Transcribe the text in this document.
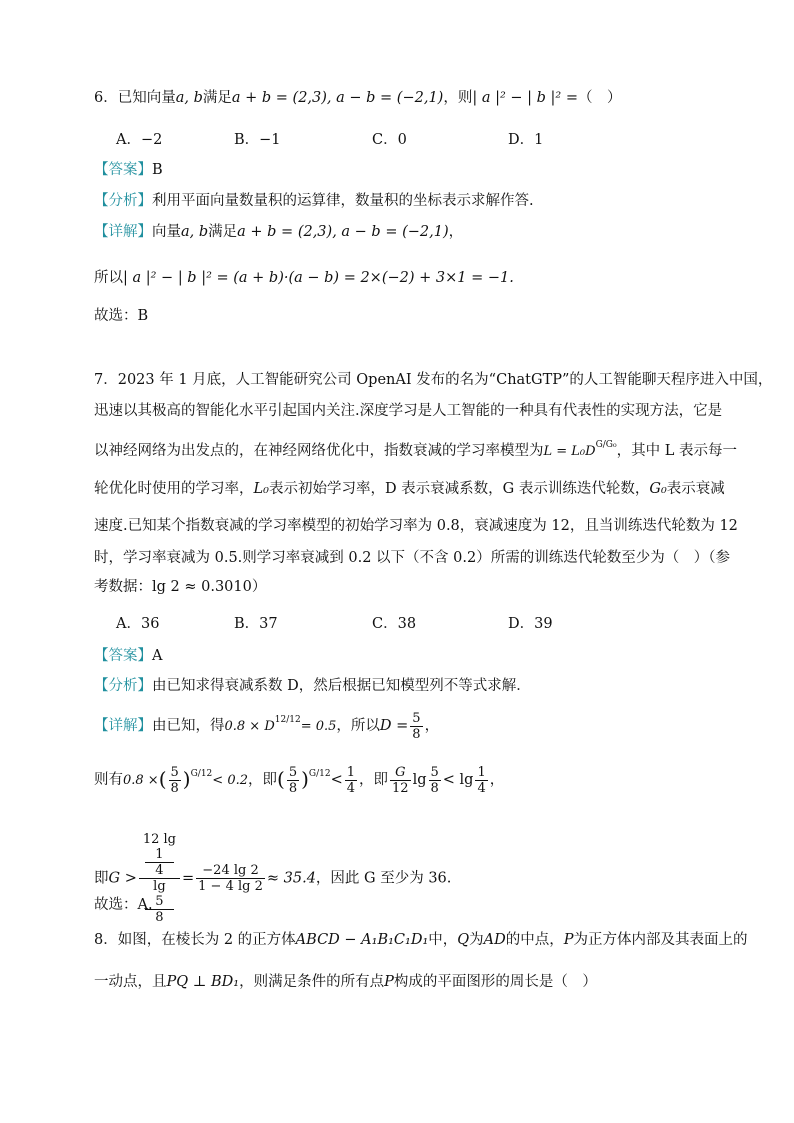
6．已知向量a, b满足a + b = (2,3), a − b = (−2,1)，则| a |² − | b |² =（　）
A．−2	B．−1	C．0	D．1
【答案】B
【分析】利用平面向量数量积的运算律，数量积的坐标表示求解作答.
【详解】向量a, b满足a + b = (2,3), a − b = (−2,1)，
所以| a |² − | b |² = (a + b)·(a − b) = 2×(−2) + 3×1 = −1.
故选：B
7．2023 年 1 月底，人工智能研究公司 OpenAI 发布的名为“ChatGTP”的人工智能聊天程序进入中国，
迅速以其极高的智能化水平引起国内关注.深度学习是人工智能的一种具有代表性的实现方法，它是
以神经网络为出发点的，在神经网络优化中，指数衰减的学习率模型为$L = L_0D^{G/G_0}$，其中 L 表示每一
轮优化时使用的学习率，L₀表示初始学习率，D 表示衰减系数，G 表示训练迭代轮数，G₀表示衰减
速度.已知某个指数衰减的学习率模型的初始学习率为 0.8，衰减速度为 12，且当训练迭代轮数为 12
时，学习率衰减为 0.5.则学习率衰减到 0.2 以下（不含 0.2）所需的训练迭代轮数至少为（　）（参
考数据：lg 2 ≈ 0.3010）
A．36	B．37	C．38	D．39
【答案】A
【分析】由已知求得衰减系数 D，然后根据已知模型列不等式求解．
【详解】由已知，得$0.8 \times D^{12/12}= 0.5$，所以$D = \frac{5}{8}$ ，
则有0.8 ×( $\frac{5}{8} )^{G/12}< 0.2$，即( $\frac{5}{8} )^{G/12}< \frac{1}{4}$ ，即 $\frac{G}{12}$ $\lg \frac{5}{8} < \lg \frac{1}{4}$ ，
即G > 12 lg
1
4
lg
5
$8 = \frac{-24 \lg 2}{1 - 4 \lg 2} \approx 35.4$，因此 G 至少为 36.
故选：A.
8．如图，在棱长为 2 的正方体ABCD − A₁B₁C₁D₁中，Q为AD的中点，P为正方体内部及其表面上的
一动点，且PQ ⊥ BD₁，则满足条件的所有点P构成的平面图形的周长是（　）
